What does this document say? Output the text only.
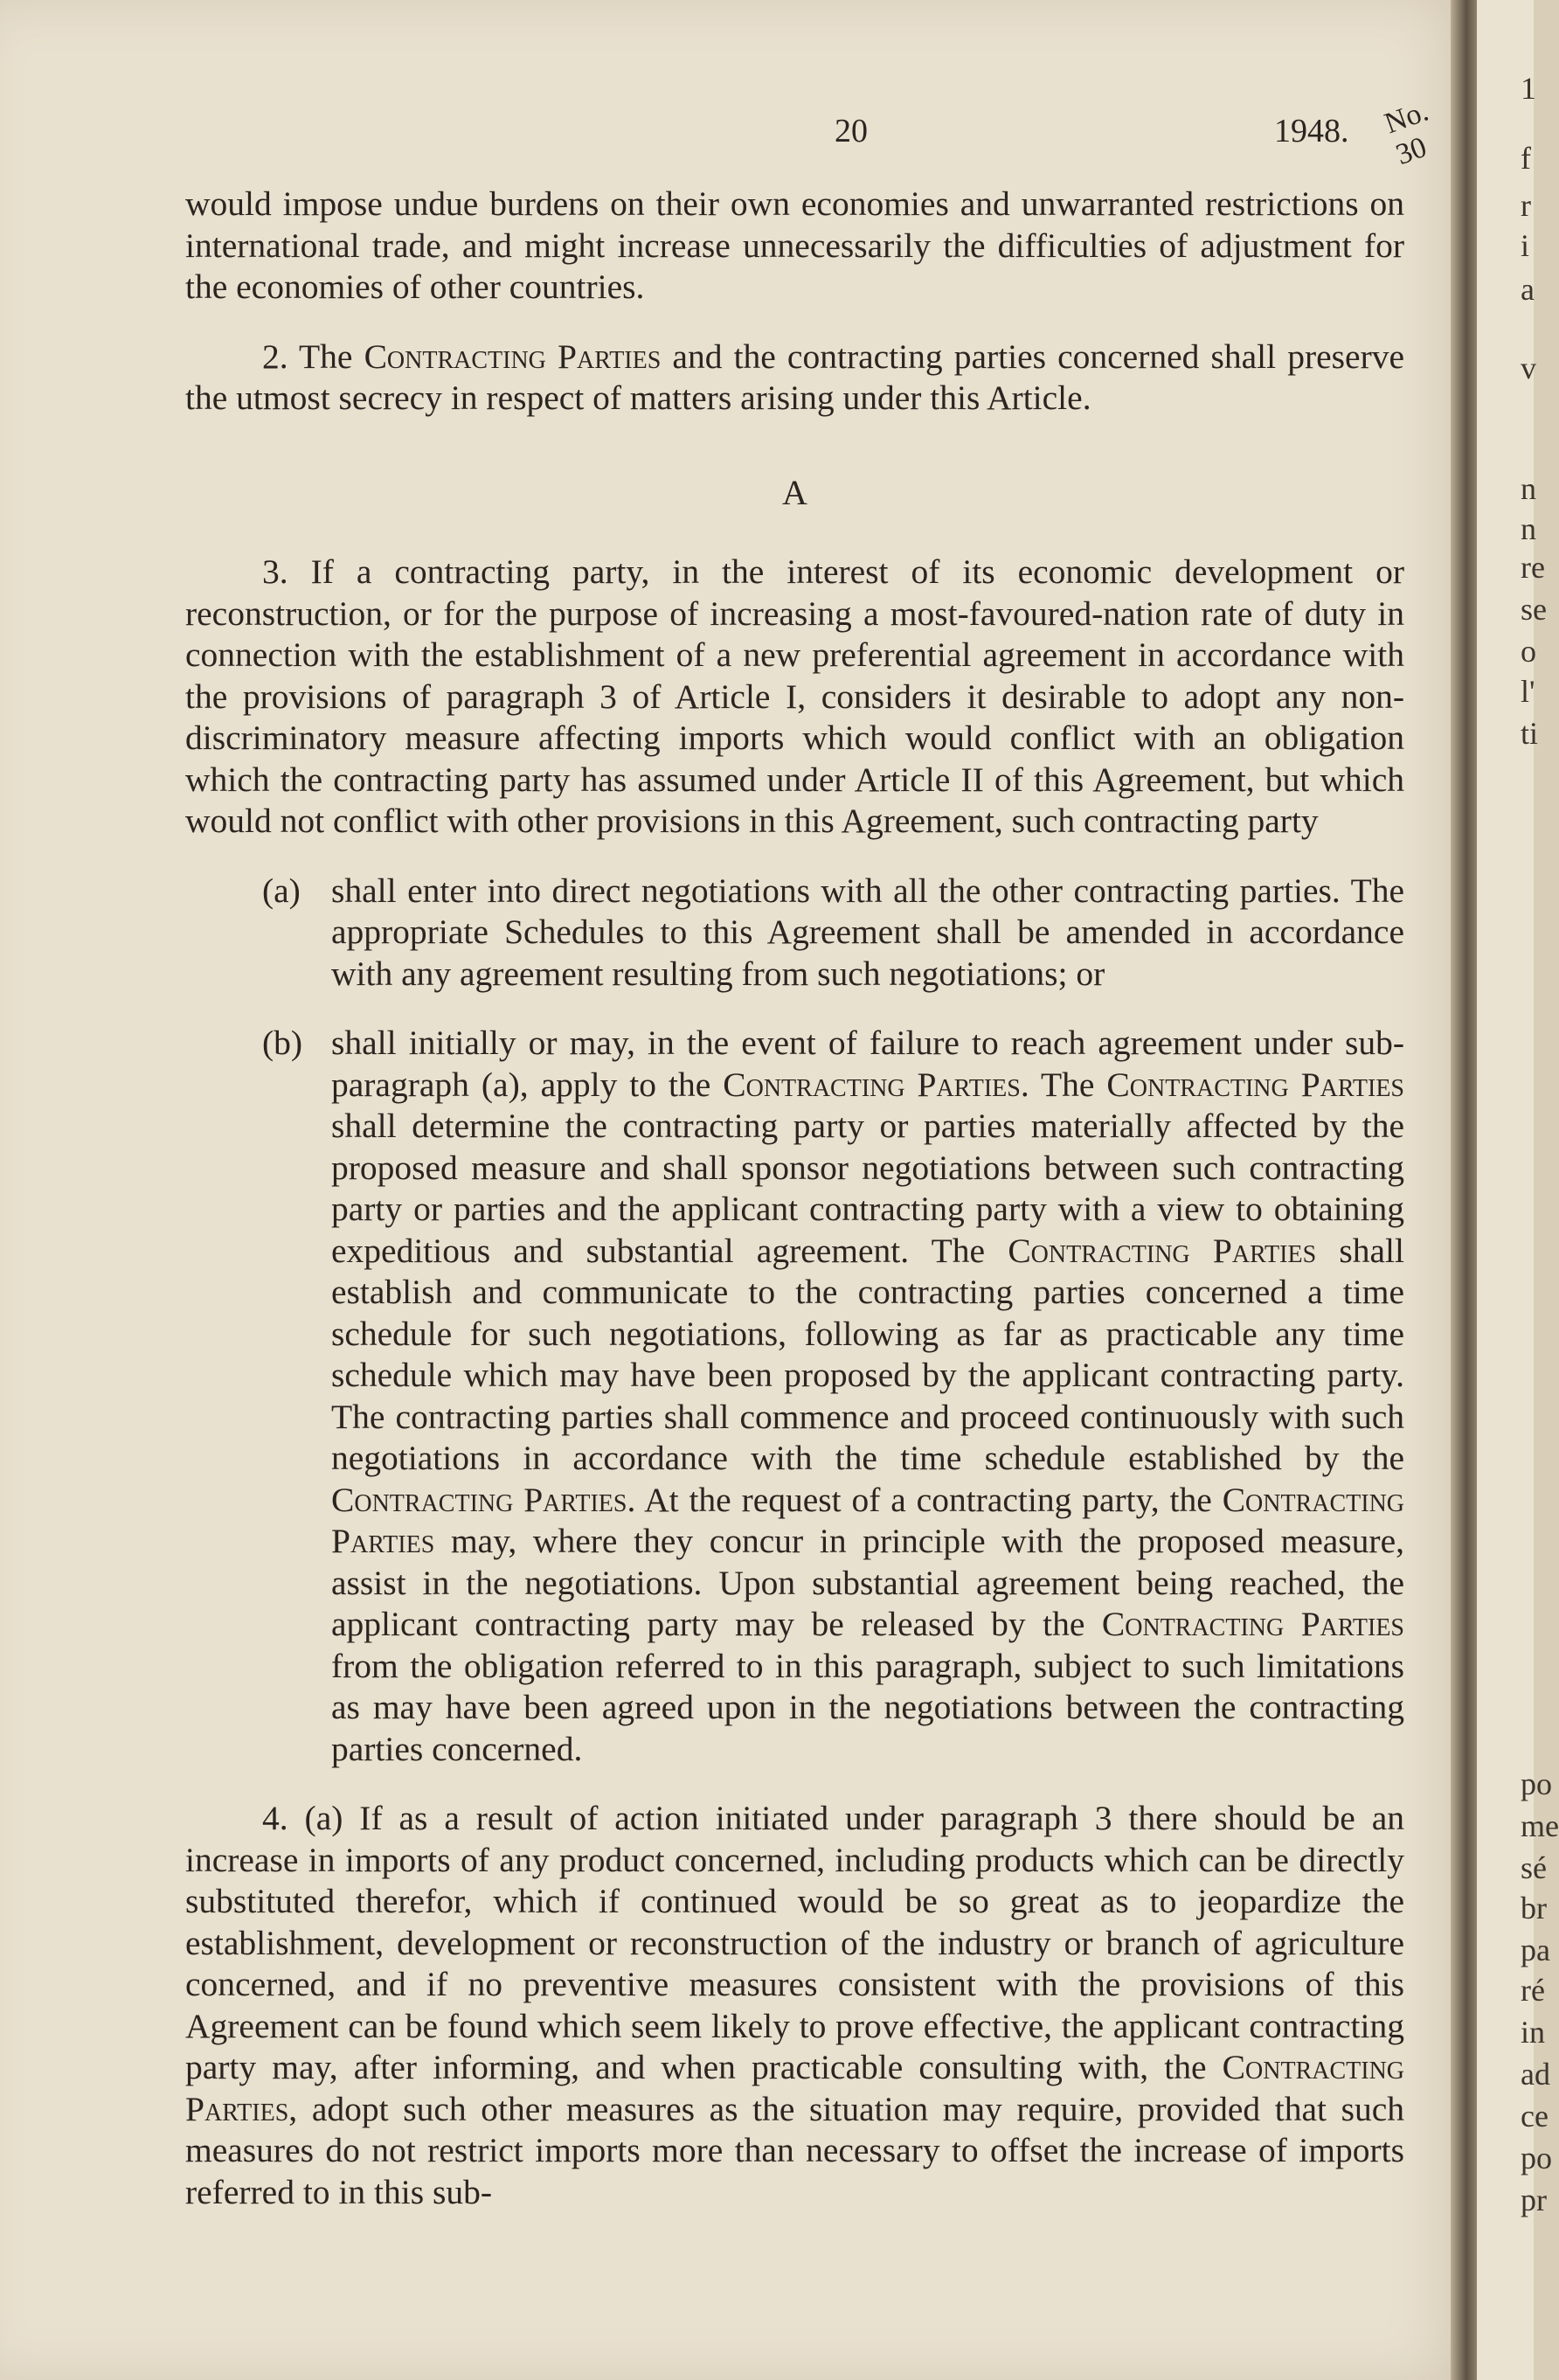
1
f
r
i
a
v
n
n
re
se
o
l'
ti
po
me
sé
br
pa
ré
in
ad
ce
po
pr
20	1948. No. 30

would impose undue burdens on their own economies and unwarranted restrictions on international trade, and might increase unnecessarily the difficulties of adjustment for the economies of other countries.

2. The Contracting Parties and the contracting parties concerned shall preserve the utmost secrecy in respect of matters arising under this Article.

A

3. If a contracting party, in the interest of its economic development or reconstruction, or for the purpose of increasing a most-favoured-nation rate of duty in connection with the establishment of a new preferential agreement in accordance with the provisions of paragraph 3 of Article I, considers it desirable to adopt any non-discriminatory measure affecting imports which would conflict with an obligation which the contracting party has assumed under Article II of this Agreement, but which would not conflict with other provisions in this Agreement, such contracting party

(a) shall enter into direct negotiations with all the other contracting parties. The appropriate Schedules to this Agreement shall be amended in accordance with any agreement resulting from such negotiations; or

(b) shall initially or may, in the event of failure to reach agreement under sub-paragraph (a), apply to the Contracting Parties. The Contracting Parties shall determine the contracting party or parties materially affected by the proposed measure and shall sponsor negotiations between such contracting party or parties and the applicant contracting party with a view to obtaining expeditious and substantial agreement. The Contracting Parties shall establish and communicate to the contracting parties concerned a time schedule for such negotiations, following as far as practicable any time schedule which may have been proposed by the applicant contracting party. The contracting parties shall commence and proceed continuously with such negotiations in accordance with the time schedule established by the Contracting Parties. At the request of a contracting party, the Contracting Parties may, where they concur in principle with the proposed measure, assist in the negotiations. Upon substantial agreement being reached, the applicant contracting party may be released by the Contracting Parties from the obligation referred to in this paragraph, subject to such limitations as may have been agreed upon in the negotiations between the contracting parties concerned.

4. (a) If as a result of action initiated under paragraph 3 there should be an increase in imports of any product concerned, including products which can be directly substituted therefor, which if continued would be so great as to jeopardize the establishment, development or reconstruction of the industry or branch of agriculture concerned, and if no preventive measures consistent with the provisions of this Agreement can be found which seem likely to prove effective, the applicant contracting party may, after informing, and when practicable consulting with, the Contracting Parties, adopt such other measures as the situation may require, provided that such measures do not restrict imports more than necessary to offset the increase of imports referred to in this sub-
